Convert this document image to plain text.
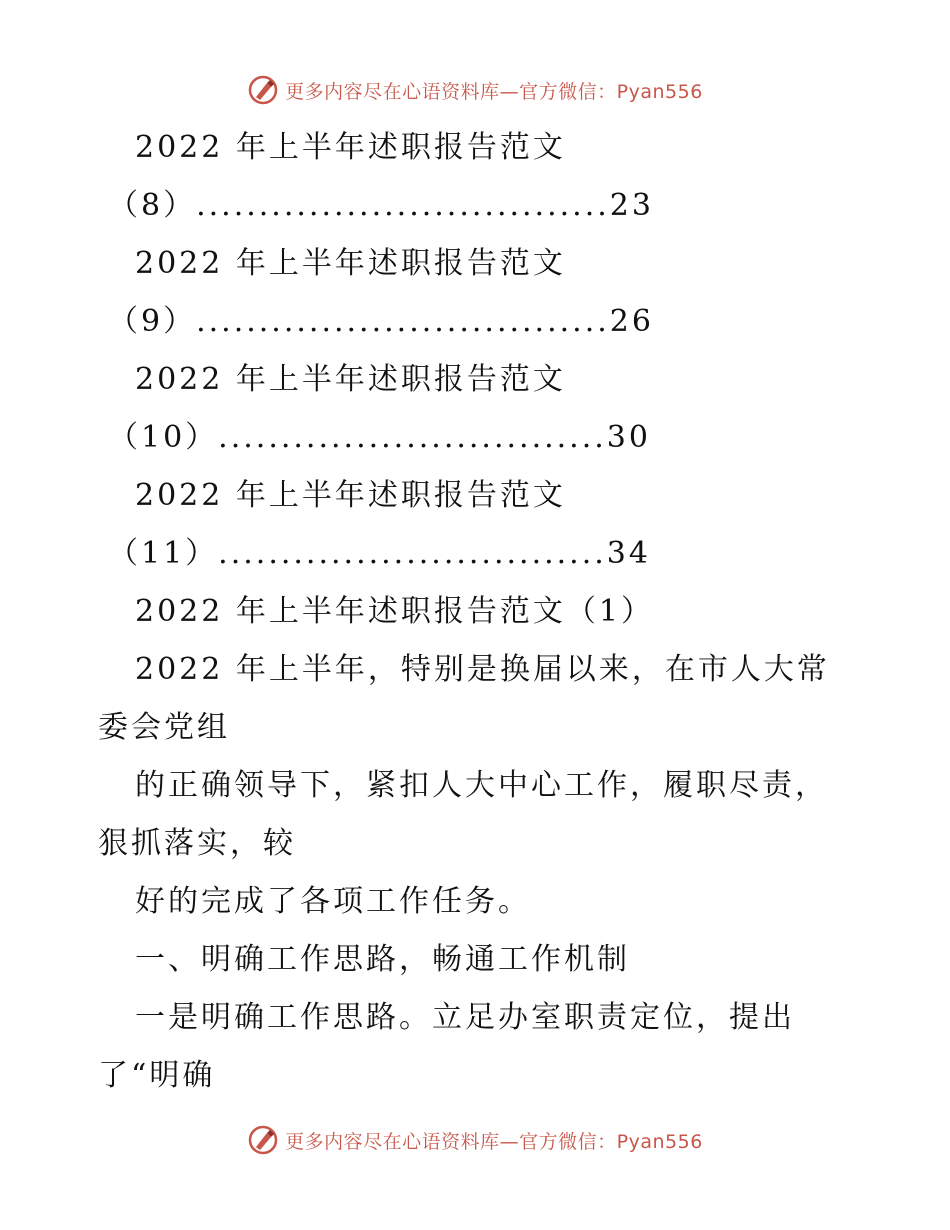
更多内容尽在心语资料库—官方微信：Pyan556
2022 年上半年述职报告范文
（8）.................................23
2022 年上半年述职报告范文
（9）.................................26
2022 年上半年述职报告范文
（10）...............................30
2022 年上半年述职报告范文
（11）...............................34
2022 年上半年述职报告范文（1）
2022 年上半年，特别是换届以来，在市人大常
委会党组
的正确领导下，紧扣人大中心工作，履职尽责，
狠抓落实，较
好的完成了各项工作任务。
一、明确工作思路，畅通工作机制
一是明确工作思路。立足办室职责定位，提出
了“明确
更多内容尽在心语资料库—官方微信：Pyan556
